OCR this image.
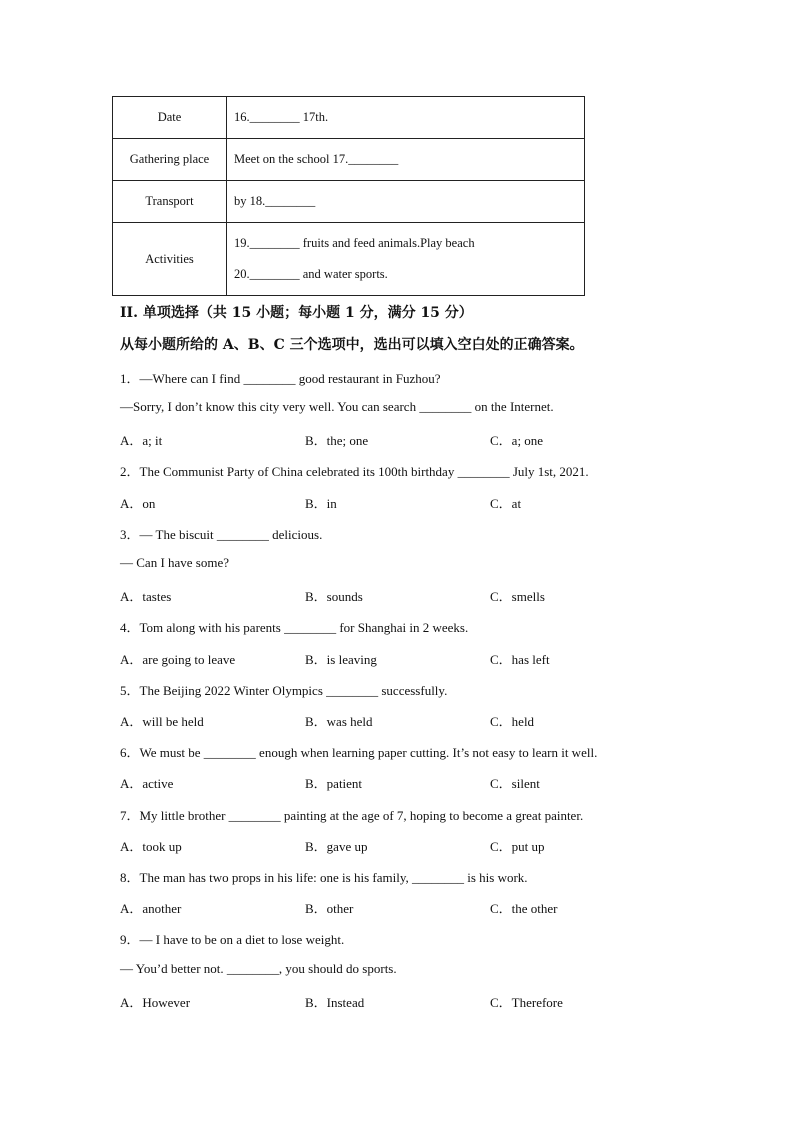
Date	16.________ 17th.
Gathering place	Meet on the school 17.________
Transport	by 18.________
Activities	19.________ fruits and feed animals.Play beach
20.________ and water sports.
II. 单项选择（共 15 小题；每小题 1 分，满分 15 分）
从每小题所给的 A、B、C 三个选项中，选出可以填入空白处的正确答案。
1．—Where can I find ________ good restaurant in Fuzhou?
—Sorry, I don’t know this city very well. You can search ________ on the Internet.
A．a; it	B．the; one	C．a; one
2．The Communist Party of China celebrated its 100th birthday ________ July 1st, 2021.
A．on	B．in	C．at
3．— The biscuit ________ delicious.
— Can I have some?
A．tastes	B．sounds	C．smells
4．Tom along with his parents ________ for Shanghai in 2 weeks.
A．are going to leave	B．is leaving	C．has left
5．The Beijing 2022 Winter Olympics ________ successfully.
A．will be held	B．was held	C．held
6．We must be ________ enough when learning paper cutting. It’s not easy to learn it well.
A．active	B．patient	C．silent
7．My little brother ________ painting at the age of 7, hoping to become a great painter.
A．took up	B．gave up	C．put up
8．The man has two props in his life: one is his family, ________ is his work.
A．another	B．other	C．the other
9．— I have to be on a diet to lose weight.
— You’d better not. ________, you should do sports.
A．However	B．Instead	C．Therefore
